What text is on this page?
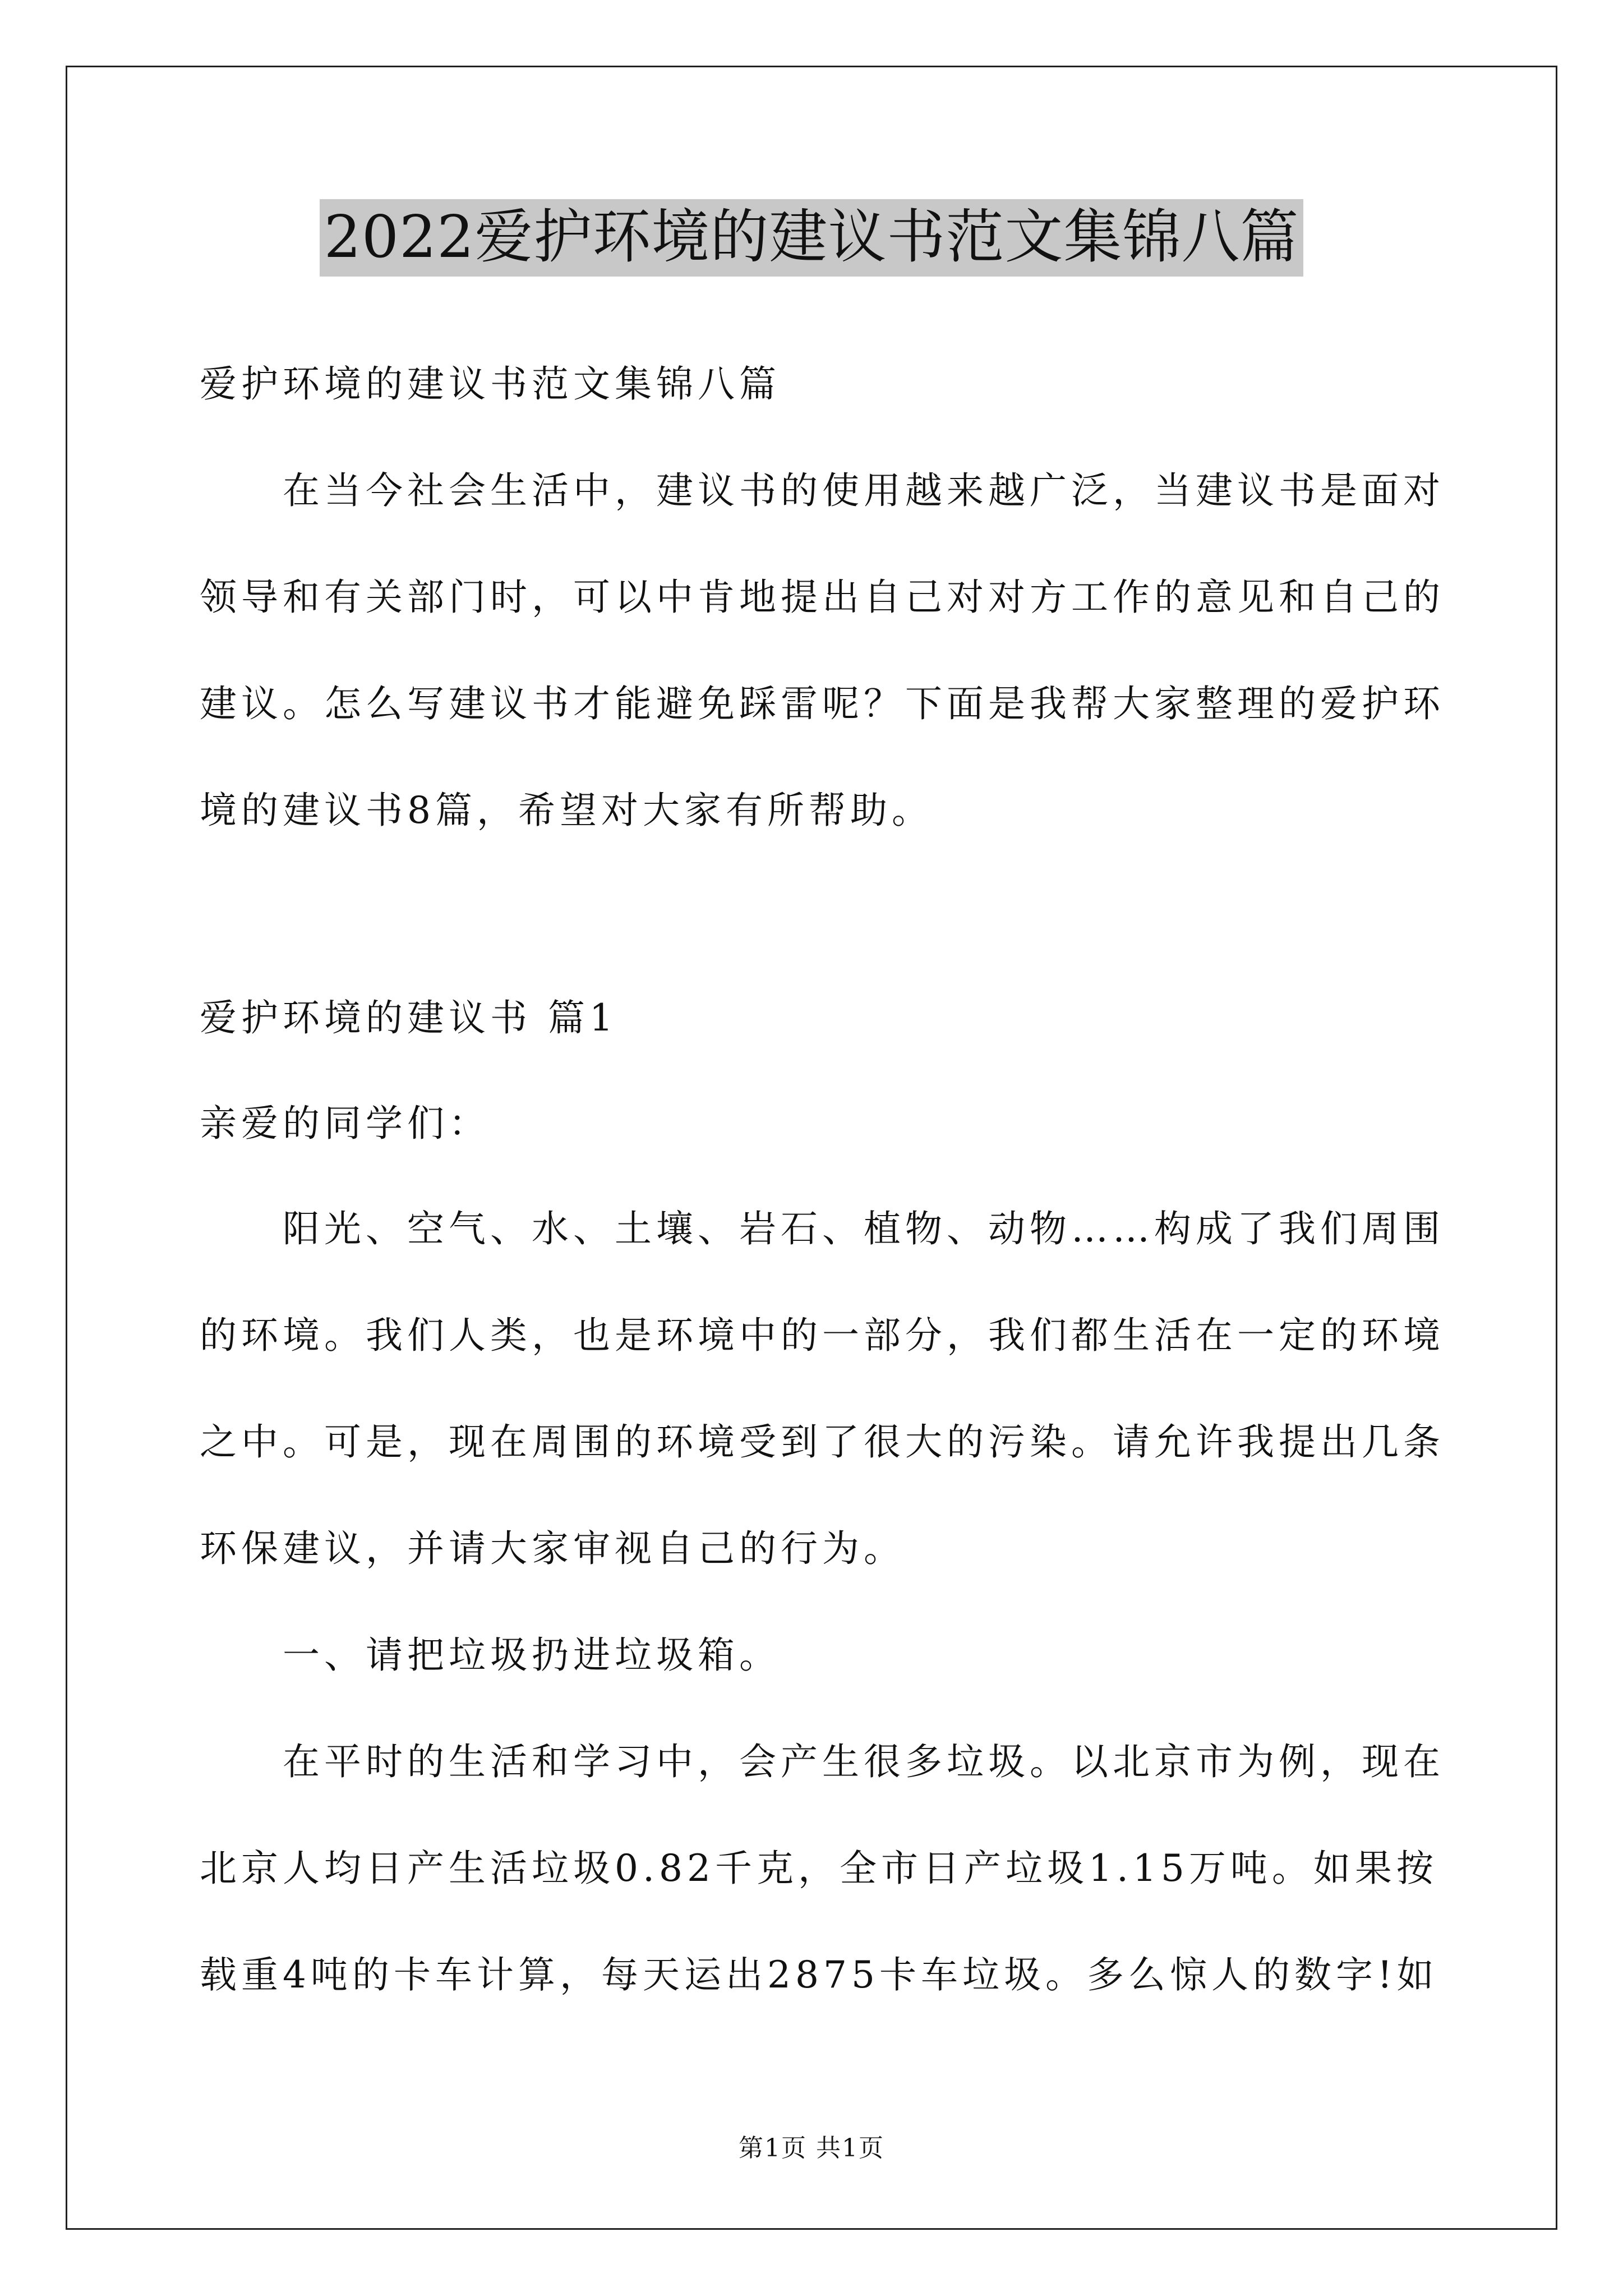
2022爱护环境的建议书范文集锦八篇
爱护环境的建议书范文集锦八篇
在当今社会生活中，建议书的使用越来越广泛，当建议书是面对
领导和有关部门时，可以中肯地提出自己对对方工作的意见和自己的
建议。怎么写建议书才能避免踩雷呢？下面是我帮大家整理的爱护环
境的建议书8篇，希望对大家有所帮助。
爱护环境的建议书 篇1
亲爱的同学们：
阳光、空气、水、土壤、岩石、植物、动物……构成了我们周围
的环境。我们人类，也是环境中的一部分，我们都生活在一定的环境
之中。可是，现在周围的环境受到了很大的污染。请允许我提出几条
环保建议，并请大家审视自己的行为。
一、请把垃圾扔进垃圾箱。
在平时的生活和学习中，会产生很多垃圾。以北京市为例，现在
北京人均日产生活垃圾0.82千克，全市日产垃圾1.15万吨。如果按
载重4吨的卡车计算，每天运出2875卡车垃圾。多么惊人的数字!如
第1页 共1页
